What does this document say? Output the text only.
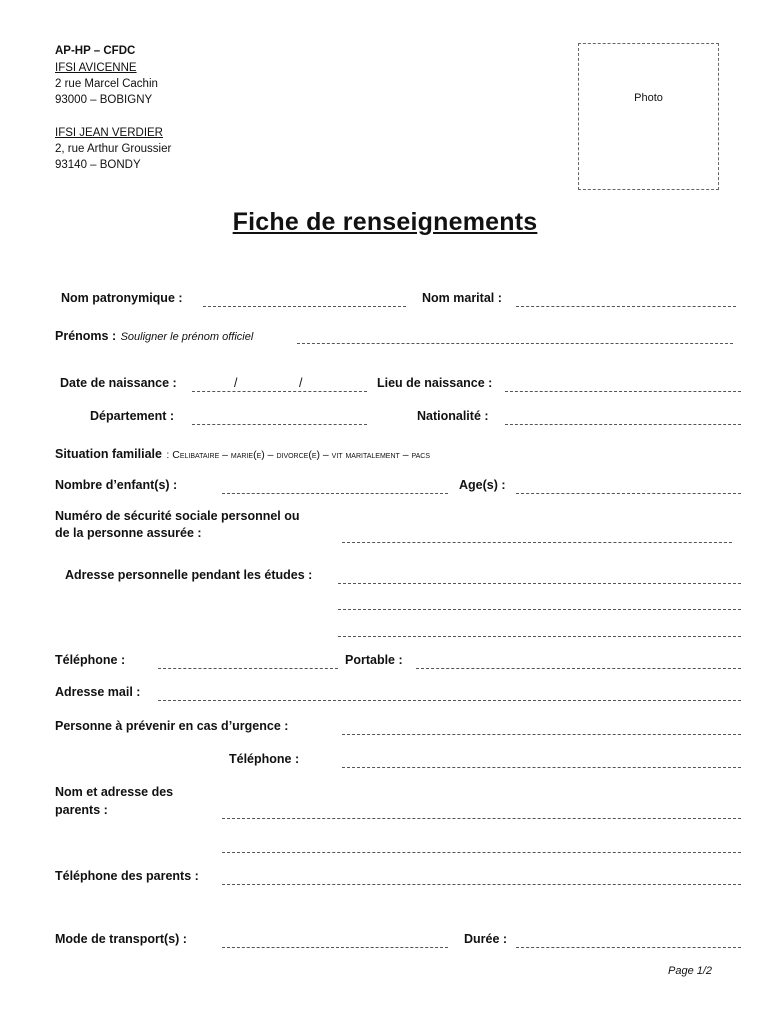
AP-HP – CFDC
IFSI AVICENNE
2 rue Marcel Cachin
93000 – BOBIGNY
IFSI JEAN VERDIER
2, rue Arthur Groussier
93140 – BONDY
Photo
Fiche de renseignements
Nom patronymique :	Nom marital :
Prénoms : Souligner le prénom officiel
Date de naissance :	/	/	Lieu de naissance :
Département :	Nationalité :
Situation familiale : Celibataire – marie(e) – divorce(e) – vit maritalement – pacs
Nombre d’enfant(s) :	Age(s) :
Numéro de sécurité sociale personnel ou
de la personne assurée :
Adresse personnelle pendant les études :
Téléphone :	Portable :
Adresse mail :
Personne à prévenir en cas d’urgence :
Téléphone :
Nom et adresse des
parents :
Téléphone des parents :
Mode de transport(s) :	Durée :
Page 1/2
